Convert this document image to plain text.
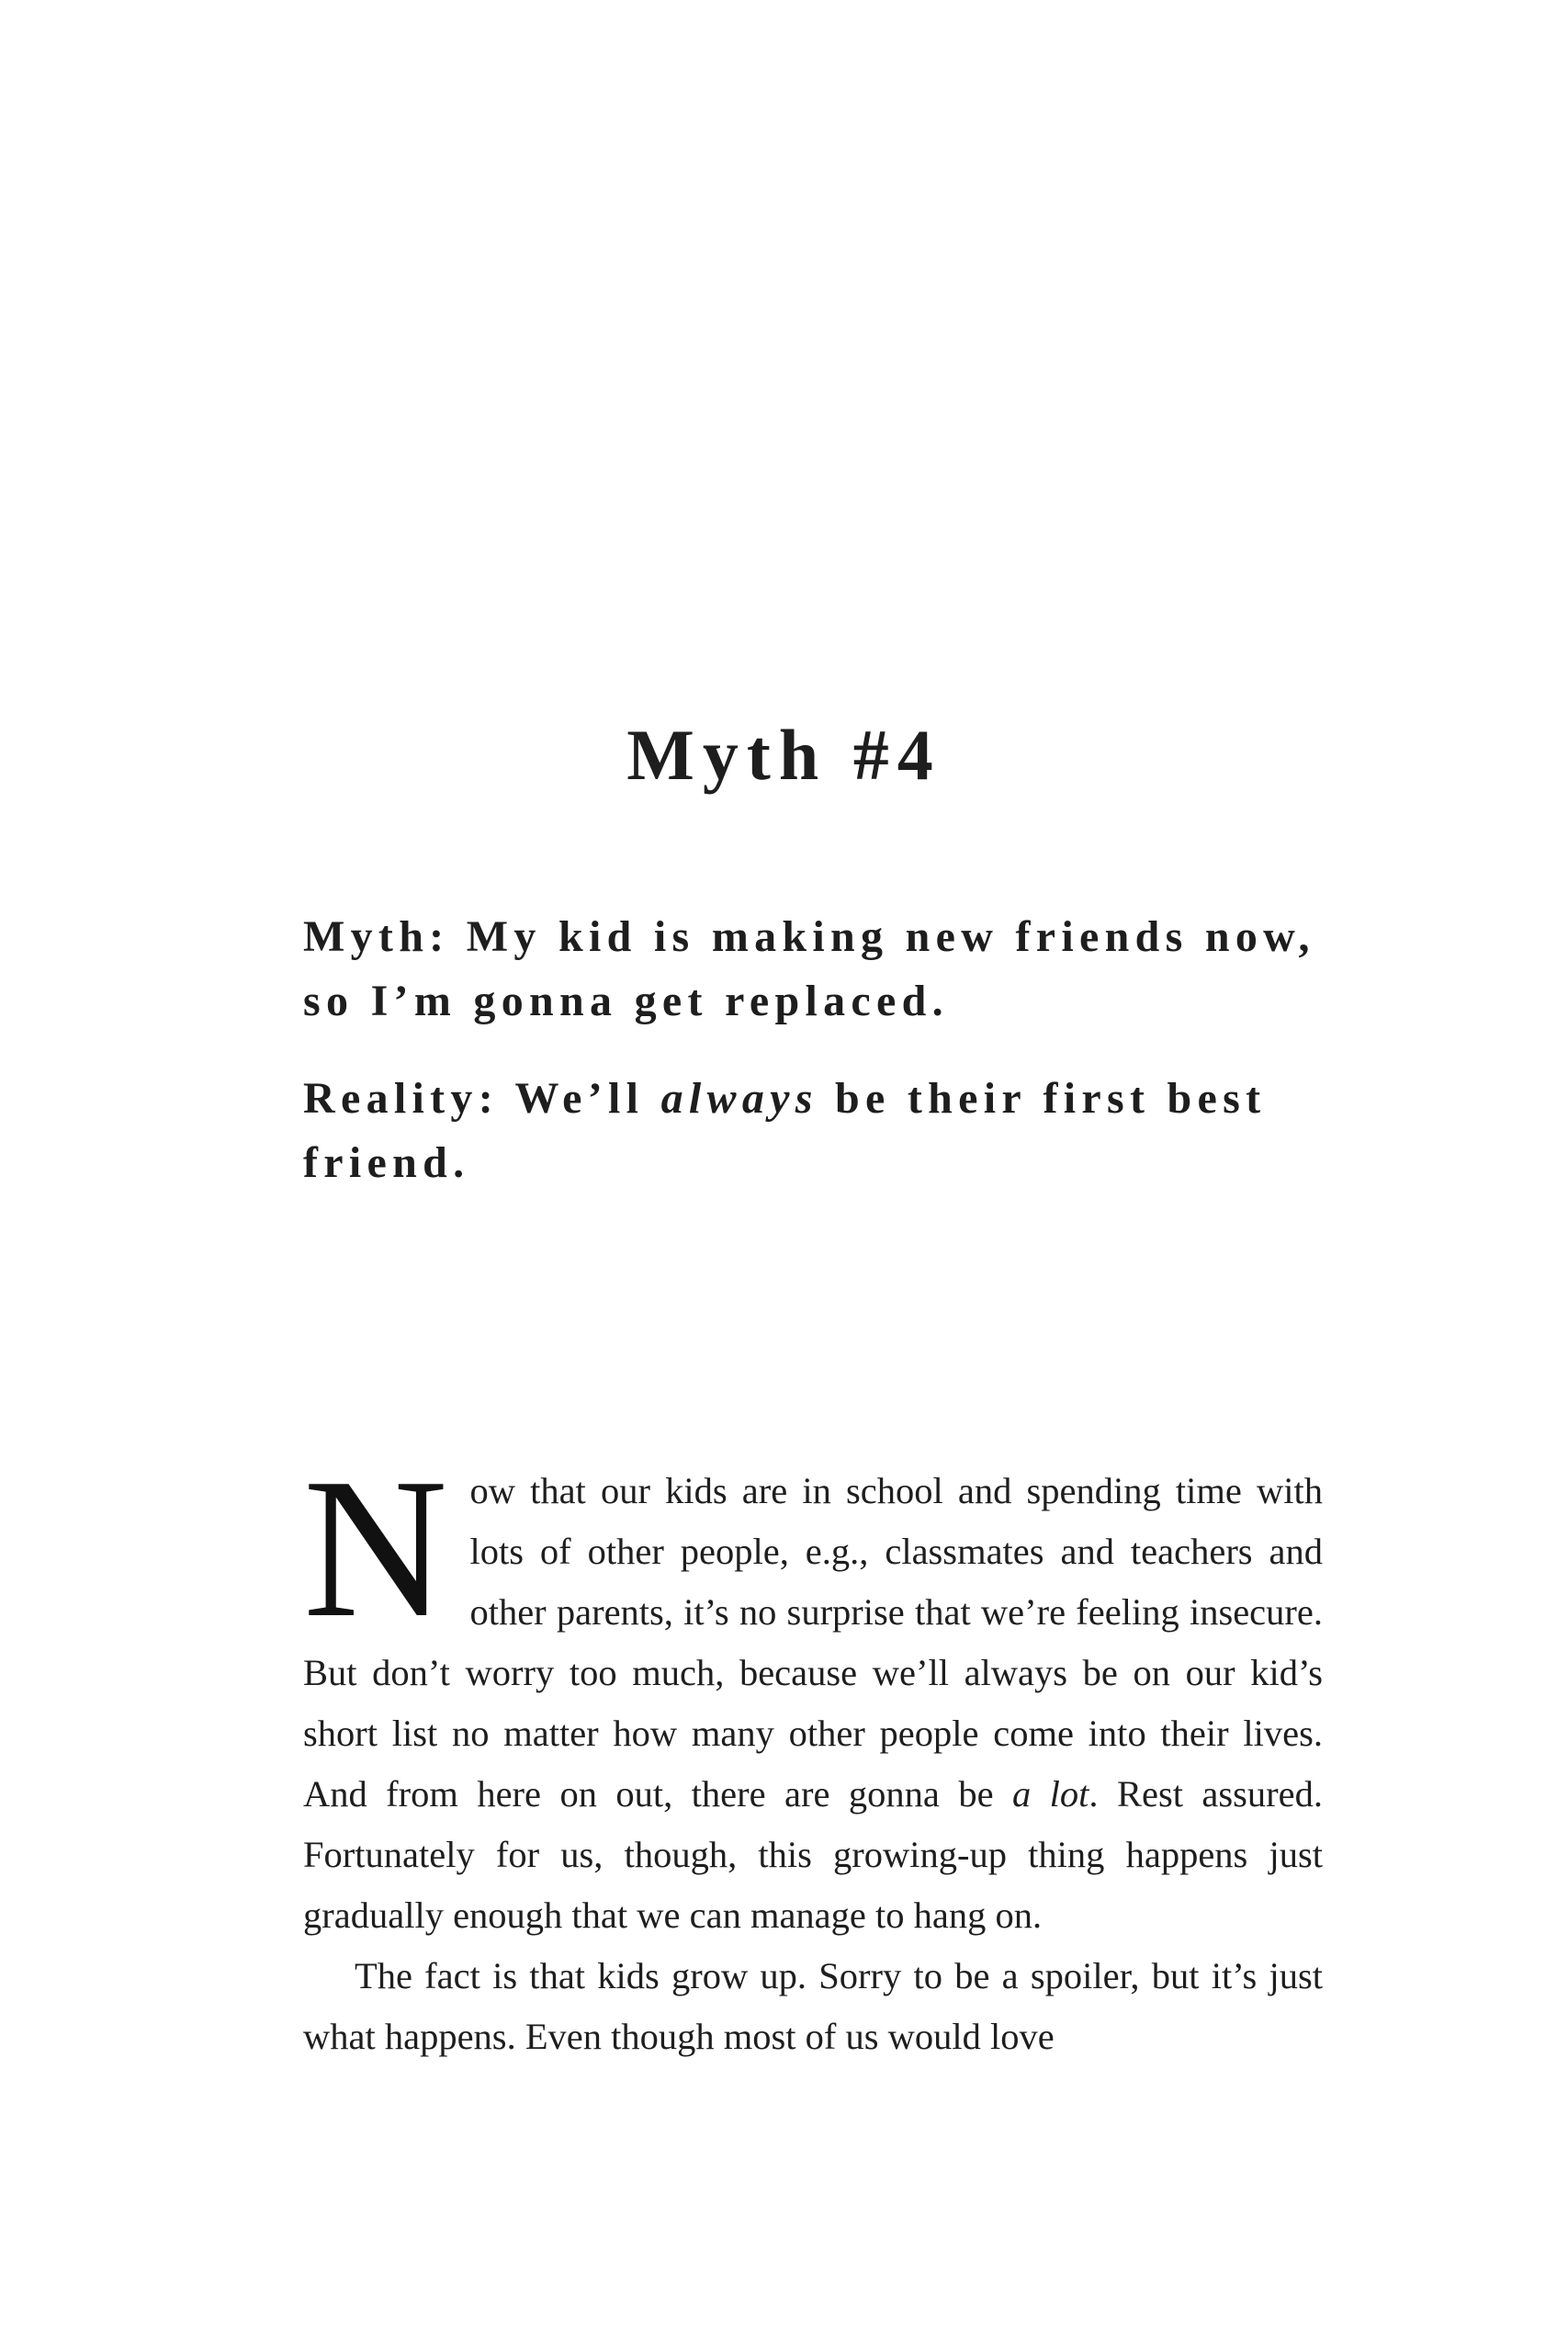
Myth #4

Myth: My kid is making new friends now, so I’m gonna get replaced.

Reality: We’ll always be their first best friend.

Now that our kids are in school and spending time with lots of other people, e.g., classmates and teachers and other parents, it’s no surprise that we’re feeling insecure. But don’t worry too much, because we’ll always be on our kid’s short list no matter how many other people come into their lives. And from here on out, there are gonna be a lot. Rest assured. Fortunately for us, though, this growing-up thing happens just gradually enough that we can manage to hang on.

The fact is that kids grow up. Sorry to be a spoiler, but it’s just what happens. Even though most of us would love
